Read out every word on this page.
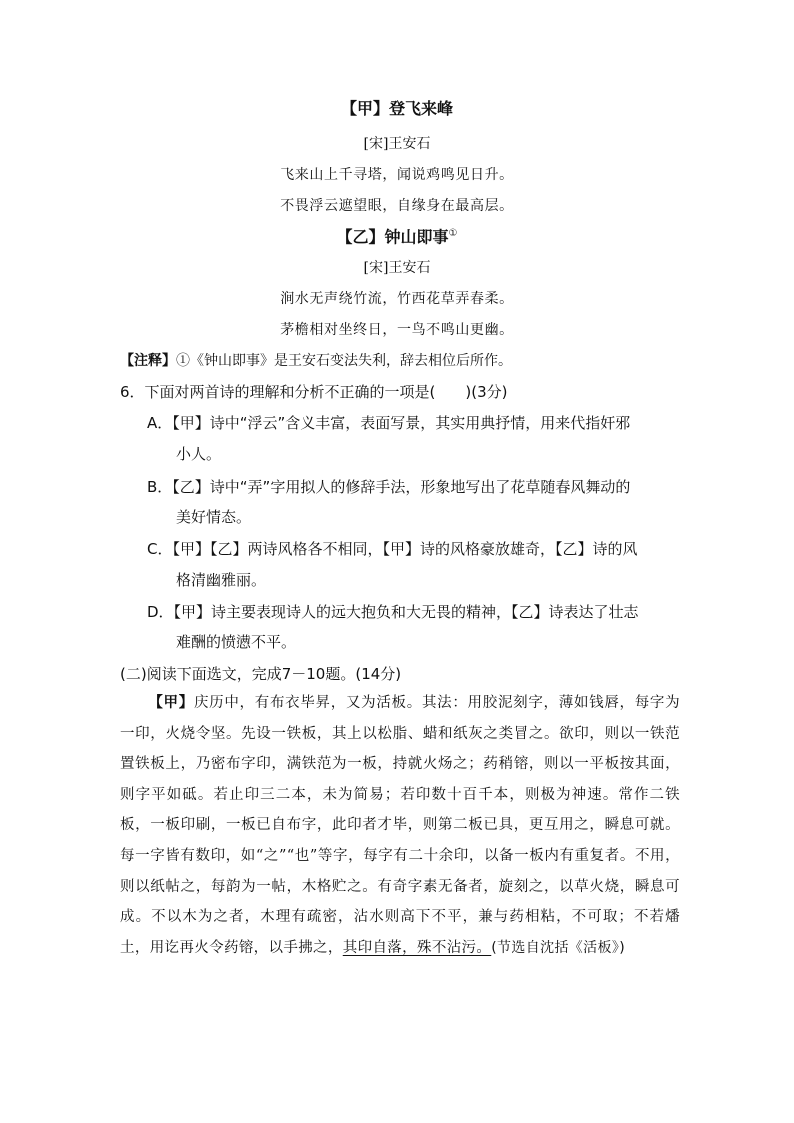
【甲】登飞来峰
[宋]王安石
飞来山上千寻塔，闻说鸡鸣见日升。
不畏浮云遮望眼，自缘身在最高层。
【乙】钟山即事①
[宋]王安石
涧水无声绕竹流，竹西花草弄春柔。
茅檐相对坐终日，一鸟不鸣山更幽。
【注释】①《钟山即事》是王安石变法失利，辞去相位后所作。
6．下面对两首诗的理解和分析不正确的一项是(　　)(3分)
A．【甲】诗中“浮云”含义丰富，表面写景，其实用典抒情，用来代指奸邪
小人。
B．【乙】诗中“弄”字用拟人的修辞手法，形象地写出了花草随春风舞动的
美好情态。
C．【甲】【乙】两诗风格各不相同，【甲】诗的风格豪放雄奇，【乙】诗的风
格清幽雅丽。
D．【甲】诗主要表现诗人的远大抱负和大无畏的精神，【乙】诗表达了壮志
难酬的愤懑不平。
(二)阅读下面选文，完成7－10题。(14分)
【甲】庆历中，有布衣毕昇，又为活板。其法：用胶泥刻字，薄如钱唇，每字为一印，火烧令坚。先设一铁板，其上以松脂、蜡和纸灰之类冒之。欲印，则以一铁范置铁板上，乃密布字印，满铁范为一板，持就火炀之；药稍镕，则以一平板按其面，则字平如砥。若止印三二本，未为简易；若印数十百千本，则极为神速。常作二铁板，一板印刷，一板已自布字，此印者才毕，则第二板已具，更互用之，瞬息可就。每一字皆有数印，如“之”“也”等字，每字有二十余印，以备一板内有重复者。不用，则以纸帖之，每韵为一帖，木格贮之。有奇字素无备者，旋刻之，以草火烧，瞬息可成。不以木为之者，木理有疏密，沾水则高下不平，兼与药相粘，不可取；不若燔土，用讫再火令药镕，以手拂之，其印自落，殊不沾污。(节选自沈括《活板》)
